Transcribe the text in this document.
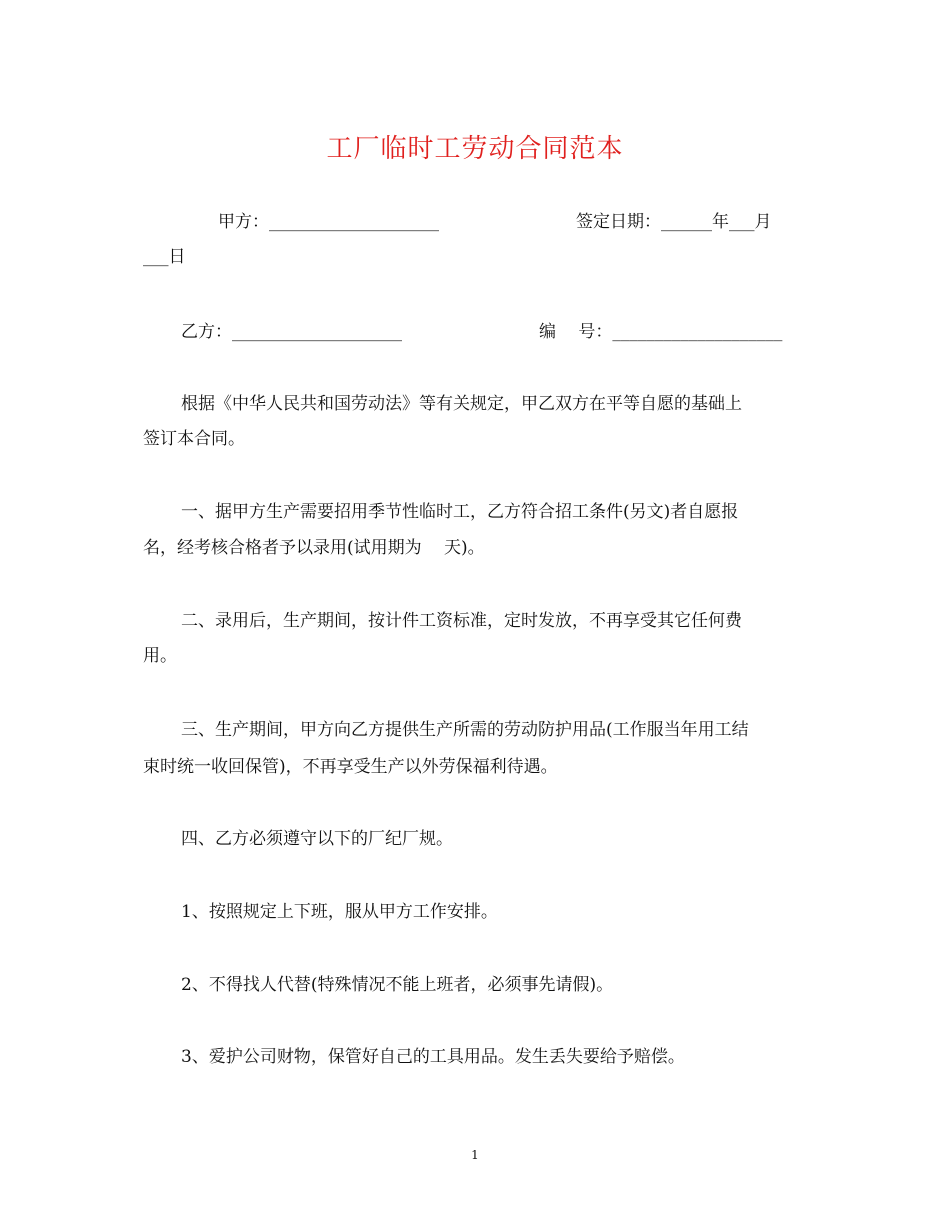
工厂临时工劳动合同范本
甲方：____________________	签定日期：______年___月
___日
乙方：____________________	编　 号：____________________
根据《中华人民共和国劳动法》等有关规定，甲乙双方在平等自愿的基础上
签订本合同。
一、据甲方生产需要招用季节性临时工，乙方符合招工条件(另文)者自愿报
名，经考核合格者予以录用(试用期为　 天)。
二、录用后，生产期间，按计件工资标准，定时发放，不再享受其它任何费
用。
三、生产期间，甲方向乙方提供生产所需的劳动防护用品(工作服当年用工结
束时统一收回保管)，不再享受生产以外劳保福利待遇。
四、乙方必须遵守以下的厂纪厂规。
1、按照规定上下班，服从甲方工作安排。
2、不得找人代替(特殊情况不能上班者，必须事先请假)。
3、爱护公司财物，保管好自己的工具用品。发生丢失要给予赔偿。
1
